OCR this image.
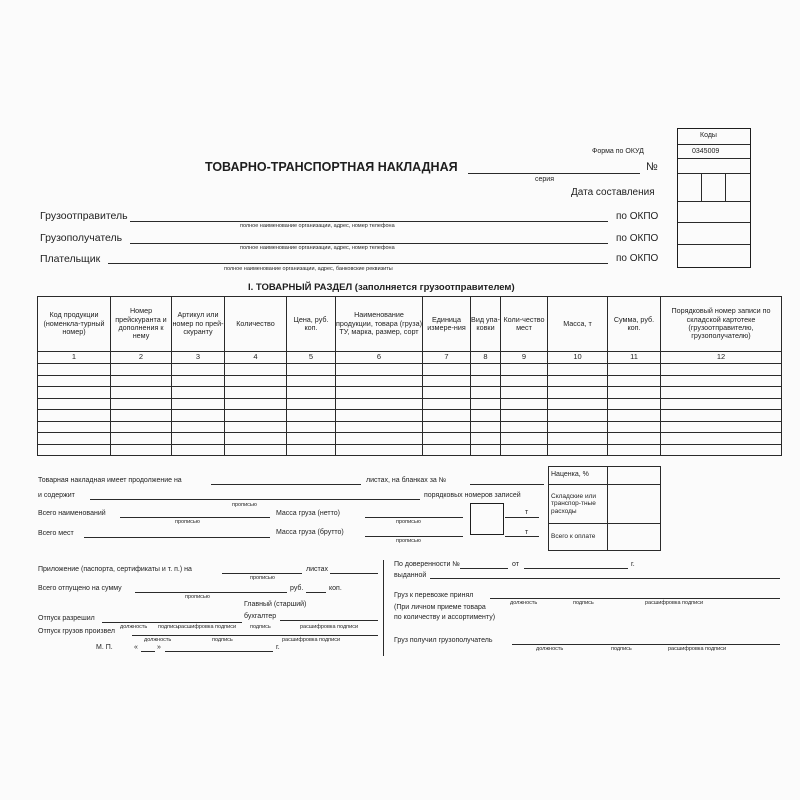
ТОВАРНО-ТРАНСПОРТНАЯ НАКЛАДНАЯ	№
серия
Форма по ОКУД
Дата составления
Коды
0345009
Грузоотправитель
полное наименование организации, адрес, номер телефона
по ОКПО
Грузополучатель
полное наименование организации, адрес, номер телефона
по ОКПО
Плательщик
полное наименование организации, адрес, банковские реквизиты
по ОКПО
I. ТОВАРНЫЙ РАЗДЕЛ (заполняется грузоотправителем)
Код продукции (номенкла-турный номер)	Номер прейскуранта и дополнения к нему	Артикул или номер по прей-скуранту	Количество	Цена, руб. коп.	Наименование продукции, товара (груза) ТУ, марка, размер, сорт	Единица измере-ния	Вид упа-ковки	Коли-чество мест	Масса, т	Сумма, руб. коп.	Порядковый номер записи по складской картотеке (грузоотправителю, грузополучателю)
1	2	3	4	5	6	7	8	9	10	11	12

Наценка, %	
Складские или транспор-тные расходы	
Всего к оплате	
Товарная накладная имеет продолжение на	листах, на бланках за №
и содержит
прописью
порядковых номеров записей
Всего наименований
прописью
Масса груза (нетто)
прописью
т
Всего мест	Масса груза (брутто)
прописью
т
Приложение (паспорта, сертификаты и т. п.) на
прописью
листах
Всего отпущено на сумму
прописью
руб.	коп.
Главный (старший)
бухгалтер
Отпуск разрешил
должность подпись расшифровка подписи	подпись	расшифровка подписи
Отпуск грузов произвел
должность	подпись	расшифровка подписи
М. П.	«	»	г.
По доверенности №	от	г.
выданной
Груз к перевозке принял
должность	подпись	расшифровка подписи
(При личном приеме товара
по количеству и ассортименту)
Груз получил грузополучатель
должность	подпись	расшифровка подписи
